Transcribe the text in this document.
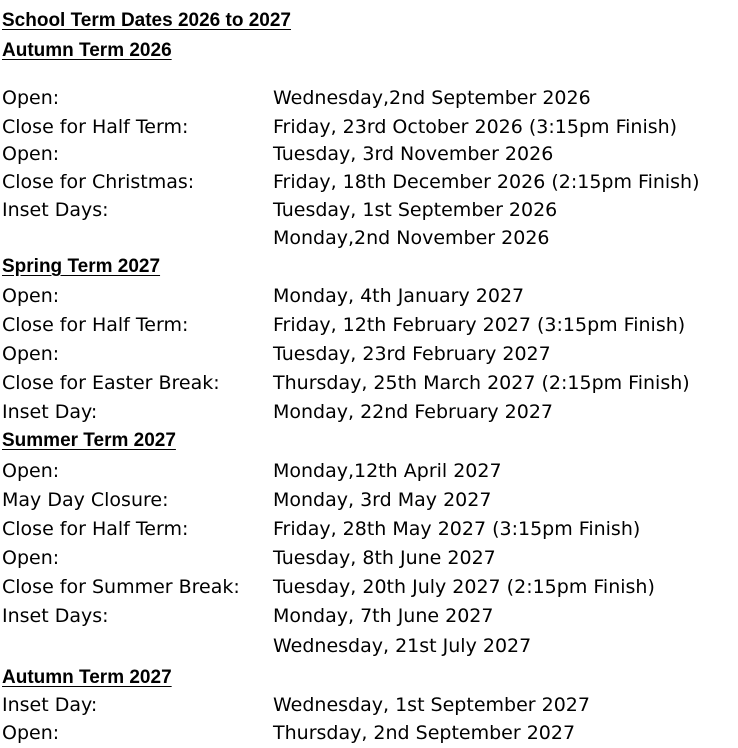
School Term Dates 2026 to 2027
Autumn Term 2026
Open:	Wednesday,2nd September 2026
Close for Half Term:	Friday, 23rd October 2026 (3:15pm Finish)
Open:	Tuesday, 3rd November 2026
Close for Christmas:	Friday, 18th December 2026 (2:15pm Finish)
Inset Days:	Tuesday, 1st September 2026
Monday,2nd November 2026
Spring Term 2027
Open:	Monday, 4th January 2027
Close for Half Term:	Friday, 12th February 2027 (3:15pm Finish)
Open:	Tuesday, 23rd February 2027
Close for Easter Break:	Thursday, 25th March 2027 (2:15pm Finish)
Inset Day:	Monday, 22nd February 2027
Summer Term 2027
Open:	Monday,12th April 2027
May Day Closure:	Monday, 3rd May 2027
Close for Half Term:	Friday, 28th May 2027 (3:15pm Finish)
Open:	Tuesday, 8th June 2027
Close for Summer Break: Tuesday, 20th July 2027 (2:15pm Finish)
Inset Days:	Monday, 7th June 2027
Wednesday, 21st July 2027
Autumn Term 2027
Inset Day:	Wednesday, 1st September 2027
Open:	Thursday, 2nd September 2027
